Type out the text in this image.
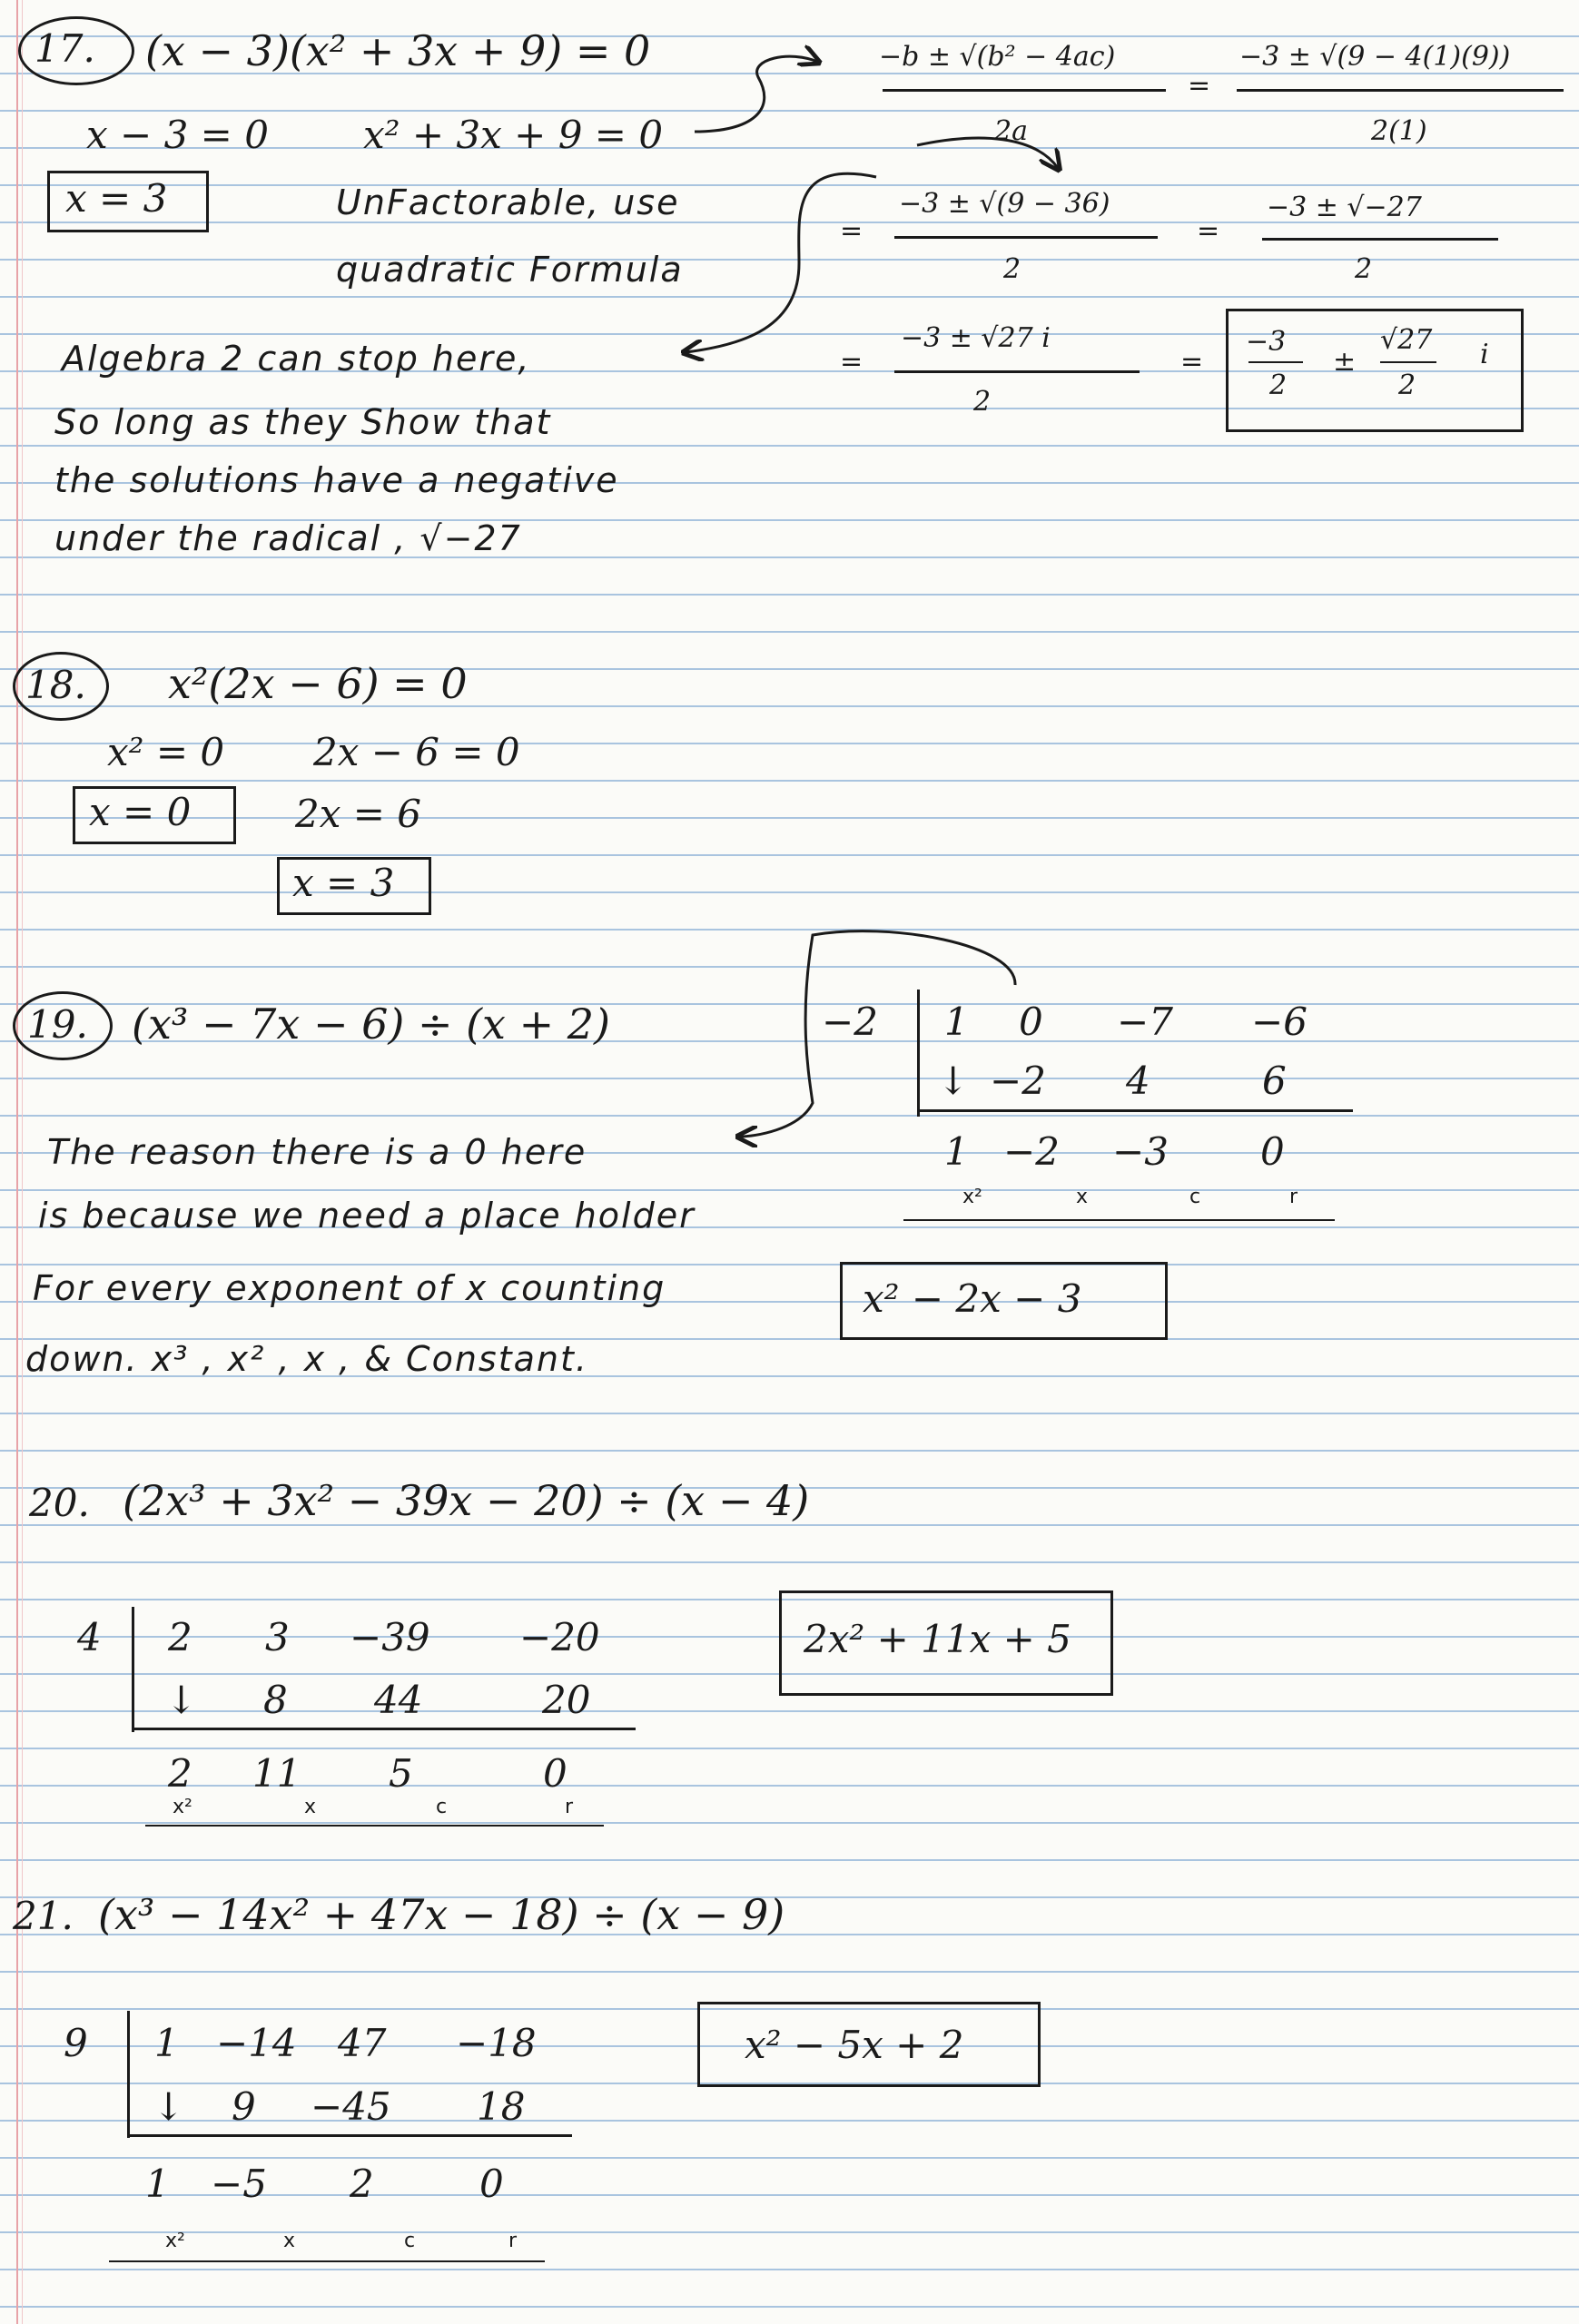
17. (x − 3)(x² + 3x + 9) = 0
x − 3 = 0 x² + 3x + 9 = 0
x = 3	UnFactorable, use
quadratic Formula
−b ± √(b² − 4ac)
2a
=
−3 ± √(9 − 4(1)(9))
2(1)
=
−3 ± √(9 − 36)
2
=
−3 ± √−27
2
=
−3 ± √27 i
2
=
−3
2
±
√27
2
i
Algebra 2 can stop here,
So long as they Show that
the solutions have a negative
under the radical , √−27
18. x²(2x − 6) = 0
x² = 0 2x − 6 = 0
x = 0	2x = 6
x = 3
19. (x³ − 7x − 6) ÷ (x + 2)	−2 1 0 −7 −6
↓ −2 4	6
1 −2 −3 0
x²	x	c	r
x² − 2x − 3
The reason there is a 0 here
is because we need a place holder
For every exponent of x counting
down. x³ , x² , x , & Constant.
20. (2x³ + 3x² − 39x − 20) ÷ (x − 4)
4 2 3 −39 −20
↓ 8 44	20
2 11 5	0
x²	x	c	r
2x² + 11x + 5
21. (x³ − 14x² + 47x − 18) ÷ (x − 9)
9 1 −14 47 −18
↓ 9 −45 18
1 −5 2	0
x²	x	c	r
x² − 5x + 2
